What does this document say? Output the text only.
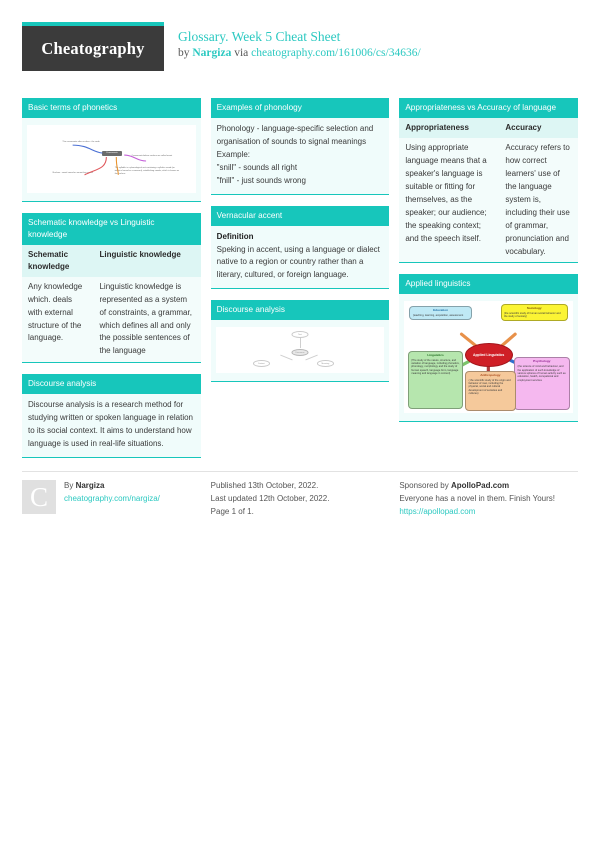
Cheatography
Glossary. Week 5 Cheat Sheet
by Nargiza via cheatography.com/161006/cs/34636/
Basic terms of phonetics
Consonants
The consonants after nucleus - the coda
Consonants before nucleus are called onset
Nucleus - vowel sound or sonant key sound
The syllable is a phonological unit containing a syllabic sound (an identical sound or a sonorant), establishing vowels, which is known as the nucleus
Schematic knowledge vs Linguistic knowledge
Schematic knowledge	Linguistic knowledge
Any knowledge which. deals with external structure of the language.	Linguistic knowledge is represented as a system of constraints, a grammar, which defines all and only the possible sentences of the language
Discourse analysis

Discourse analysis is a research method for studying written or spoken language in relation to its social context. It aims to understand how language is used in real-life situations.

Examples of phonology

Phonology - language-specific selection and organisation of sounds to signal meanings

Example:

"snill" - sounds all right

"fnill" - just sounds wrong

Vernacular accent

Definition

Speking in accent, using a language or dialect native to a region or country rather than a literary, cultured, or foreign language.

Discourse analysis
Text
Discourse
Context	Meaning
Appropriateness vs Accuracy of language
Appropriateness	Accuracy
Using appropriate language means that a speaker's language is suitable or fitting for themselves, as the speaker; our audience; the speaking context; and the speech itself.	Accuracy refers to how correct learners' use of the language system is, including their use of grammar, pronunciation and vocabulary.
Applied linguistics
Education
(teaching, learning, acquisition, assessment
Sociology
(the scientific study of human social behavior and the study of society)
Linguistics
(The study of the nature, structure, and variation of language, including phonetics, phonology, morphology and the study of human speech, language form, language meaning and language in context)
Psychology
(the science of mind and behaviour, and the application of such knowledge of various spheres of human activity such as education, health, occupational and employment services
Anthropology
( the scientific study of the origin and behavior of man, including the physical, social and cultural development of societies and cultures)
Applied Linguistics
C	By Nargiza
cheatography.com/nargiza/
Published 13th October, 2022.
Last updated 12th October, 2022.
Page 1 of 1.
Sponsored by ApolloPad.com
Everyone has a novel in them. Finish Yours!
https://apollopad.com
